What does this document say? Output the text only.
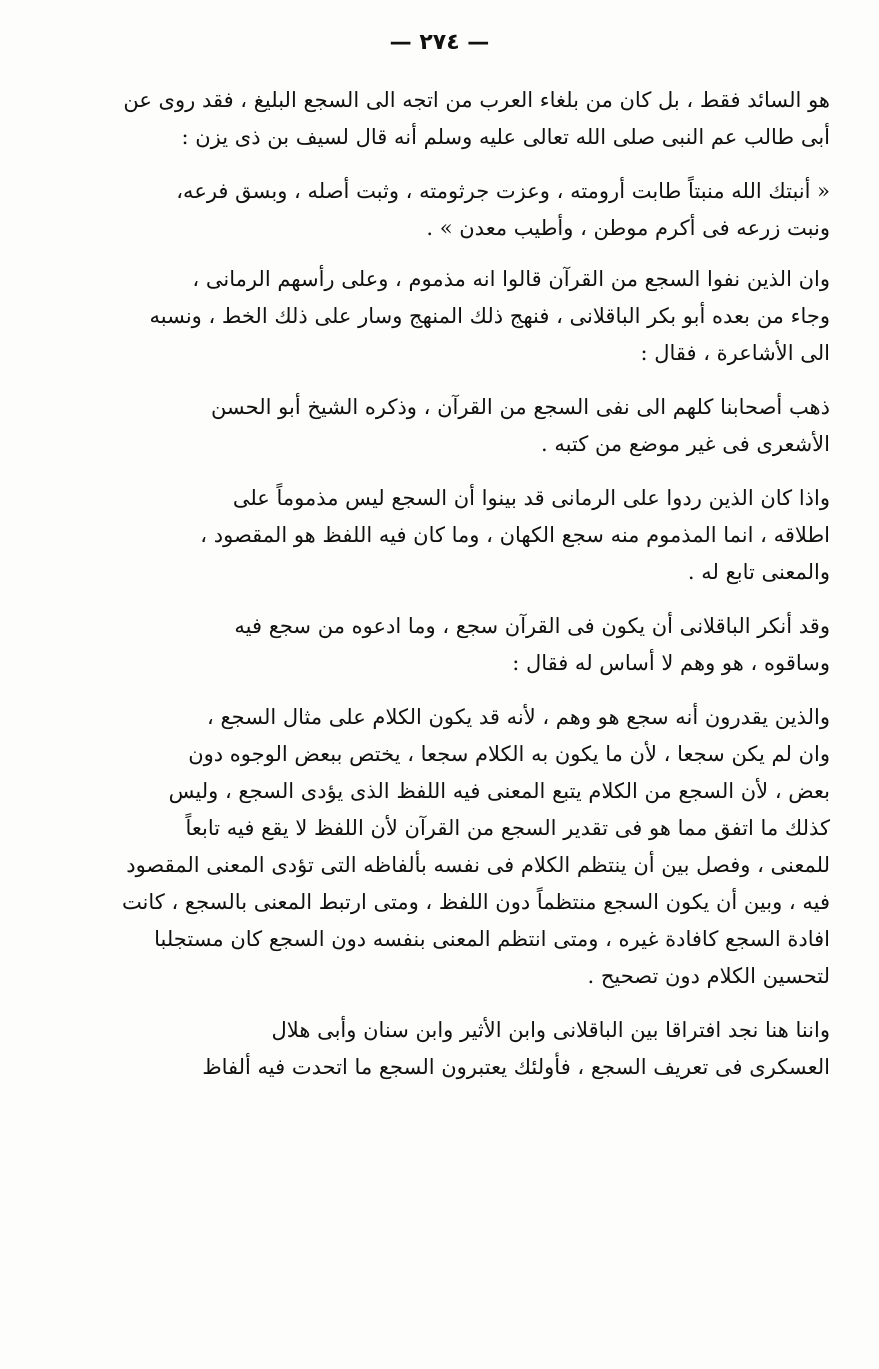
— ٢٧٤ —
هو السائد فقط ، بل كان من بلغاء العرب من اتجه الى السجع البليغ ، فقد روى عن
أبى طالب عم النبى صلى الله تعالى عليه وسلم أنه قال لسيف بن ذى يزن :
« أنبتك الله منبتاً طابت أرومته ، وعزت جرثومته ، وثبت أصله ، وبسق فرعه،
ونبت زرعه فى أكرم موطن ، وأطيب معدن » .
وان الذين نفوا السجع من القرآن قالوا انه مذموم ، وعلى رأسهم الرمانى ،
وجاء من بعده أبو بكر الباقلانى ، فنهج ذلك المنهج وسار على ذلك الخط ، ونسبه
الى الأشاعرة ، فقال :
ذهب أصحابنا كلهم الى نفى السجع من القرآن ، وذكره الشيخ أبو الحسن
الأشعرى فى غير موضع من كتبه .
واذا كان الذين ردوا على الرمانى قد بينوا أن السجع ليس مذموماً على
اطلاقه ، انما المذموم منه سجع الكهان ، وما كان فيه اللفظ هو المقصود ،
والمعنى تابع له .
وقد أنكر الباقلانى أن يكون فى القرآن سجع ، وما ادعوه من سجع فيه
وساقوه ، هو وهم لا أساس له فقال :
والذين يقدرون أنه سجع هو وهم ، لأنه قد يكون الكلام على مثال السجع ،
وان لم يكن سجعا ، لأن ما يكون به الكلام سجعا ، يختص ببعض الوجوه دون
بعض ، لأن السجع من الكلام يتبع المعنى فيه اللفظ الذى يؤدى السجع ، وليس
كذلك ما اتفق مما هو فى تقدير السجع من القرآن لأن اللفظ لا يقع فيه تابعاً
للمعنى ، وفصل بين أن ينتظم الكلام فى نفسه بألفاظه التى تؤدى المعنى المقصود
فيه ، وبين أن يكون السجع منتظماً دون اللفظ ، ومتى ارتبط المعنى بالسجع ، كانت
افادة السجع كافادة غيره ، ومتى انتظم المعنى بنفسه دون السجع كان مستجلبا
لتحسين الكلام دون تصحيح .
واننا هنا نجد افتراقا بين الباقلانى وابن الأثير وابن سنان وأبى هلال
العسكرى فى تعريف السجع ، فأولئك يعتبرون السجع ما اتحدت فيه ألفاظ
